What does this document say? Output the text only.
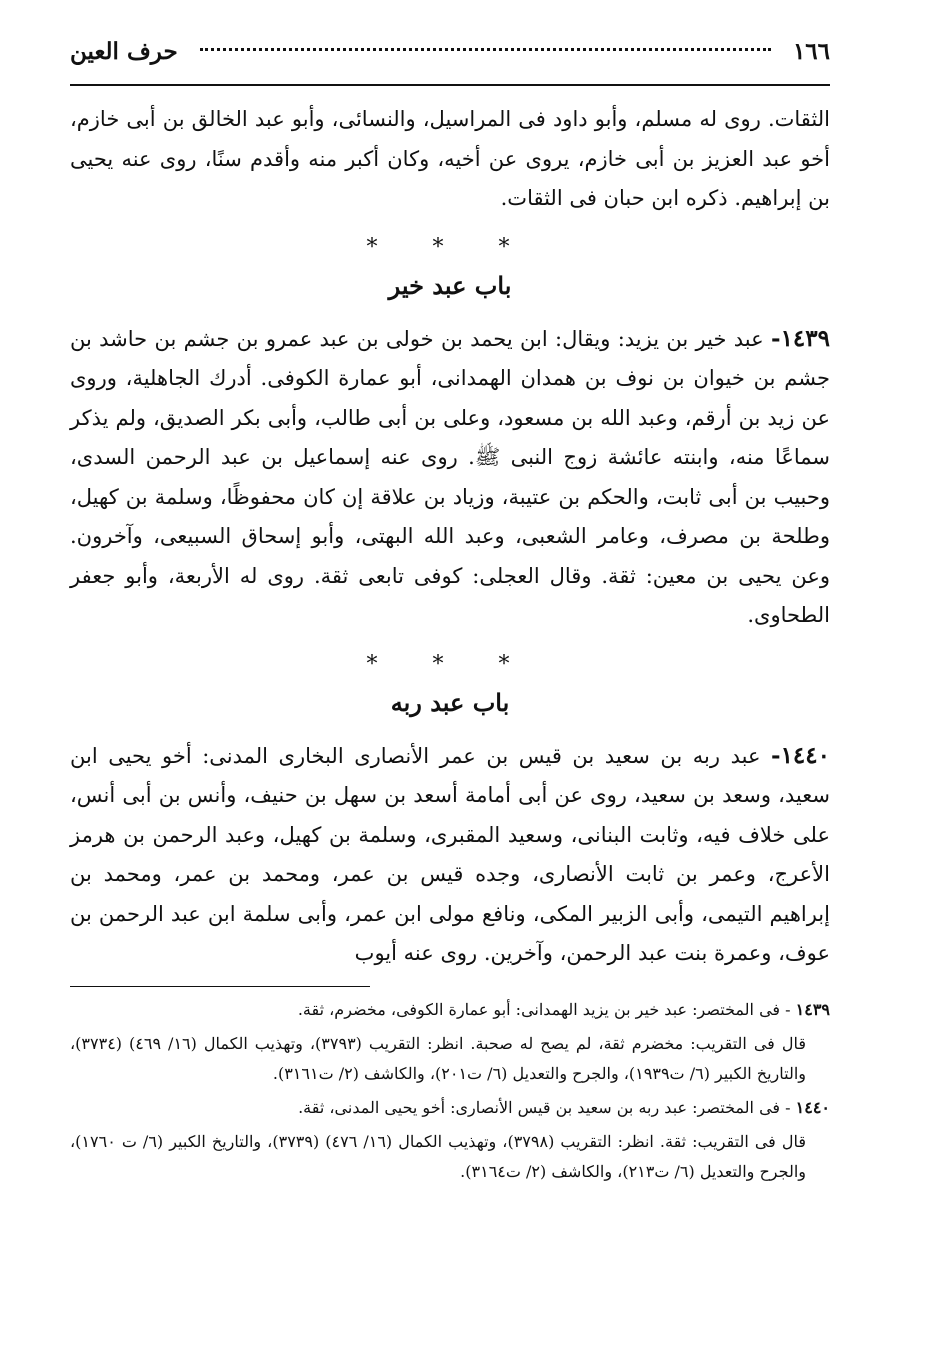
١٦٦
حرف العين

الثقات. روى له مسلم، وأبو داود فى المراسيل، والنسائى، وأبو عبد الخالق بن أبى خازم، أخو عبد العزيز بن أبى خازم، يروى عن أخيه، وكان أكبر منه وأقدم سنًا، روى عنه يحيى بن إبراهيم. ذكره ابن حبان فى الثقات.

* * *
باب عبد خير

١٤٣٩- عبد خير بن يزيد: ويقال: ابن يحمد بن خولى بن عبد عمرو بن جشم بن حاشد بن جشم بن خيوان بن نوف بن همدان الهمدانى، أبو عمارة الكوفى. أدرك الجاهلية، وروى عن زيد بن أرقم، وعبد الله بن مسعود، وعلى بن أبى طالب، وأبى بكر الصديق، ولم يذكر سماعًا منه، وابنته عائشة زوج النبى ﷺ. روى عنه إسماعيل بن عبد الرحمن السدى، وحبيب بن أبى ثابت، والحكم بن عتيبة، وزياد بن علاقة إن كان محفوظًا، وسلمة بن كهيل، وطلحة بن مصرف، وعامر الشعبى، وعبد الله البهتى، وأبو إسحاق السبيعى، وآخرون. وعن يحيى بن معين: ثقة. وقال العجلى: كوفى تابعى ثقة. روى له الأربعة، وأبو جعفر الطحاوى.

* * *
باب عبد ربه

١٤٤٠- عبد ربه بن سعيد بن قيس بن عمر الأنصارى البخارى المدنى: أخو يحيى ابن سعيد، وسعد بن سعيد، روى عن أبى أمامة أسعد بن سهل بن حنيف، وأنس بن أبى أنس، على خلاف فيه، وثابت البنانى، وسعيد المقبرى، وسلمة بن كهيل، وعبد الرحمن بن هرمز الأعرج، وعمر بن ثابت الأنصارى، وجده قيس بن عمر، ومحمد بن عمر، ومحمد بن إبراهيم التيمى، وأبى الزبير المكى، ونافع مولى ابن عمر، وأبى سلمة ابن عبد الرحمن بن عوف، وعمرة بنت عبد الرحمن، وآخرين. روى عنه أيوب

١٤٣٩ - فى المختصر: عبد خير بن يزيد الهمدانى: أبو عمارة الكوفى، مخضرم، ثقة.

قال فى التقريب: مخضرم ثقة، لم يصح له صحبة. انظر: التقريب (٣٧٩٣)، وتهذيب الكمال (١٦/ ٤٦٩) (٣٧٣٤)، والتاريخ الكبير (٦/ ت١٩٣٩)، والجرح والتعديل (٦/ ت٢٠١)، والكاشف (٢/ ت٣١٦١).

١٤٤٠ - فى المختصر: عبد ربه بن سعيد بن قيس الأنصارى: أخو يحيى المدنى، ثقة.

قال فى التقريب: ثقة. انظر: التقريب (٣٧٩٨)، وتهذيب الكمال (١٦/ ٤٧٦) (٣٧٣٩)، والتاريخ الكبير (٦/ ت ١٧٦٠)، والجرح والتعديل (٦/ ت٢١٣)، والكاشف (٢/ ت٣١٦٤).
